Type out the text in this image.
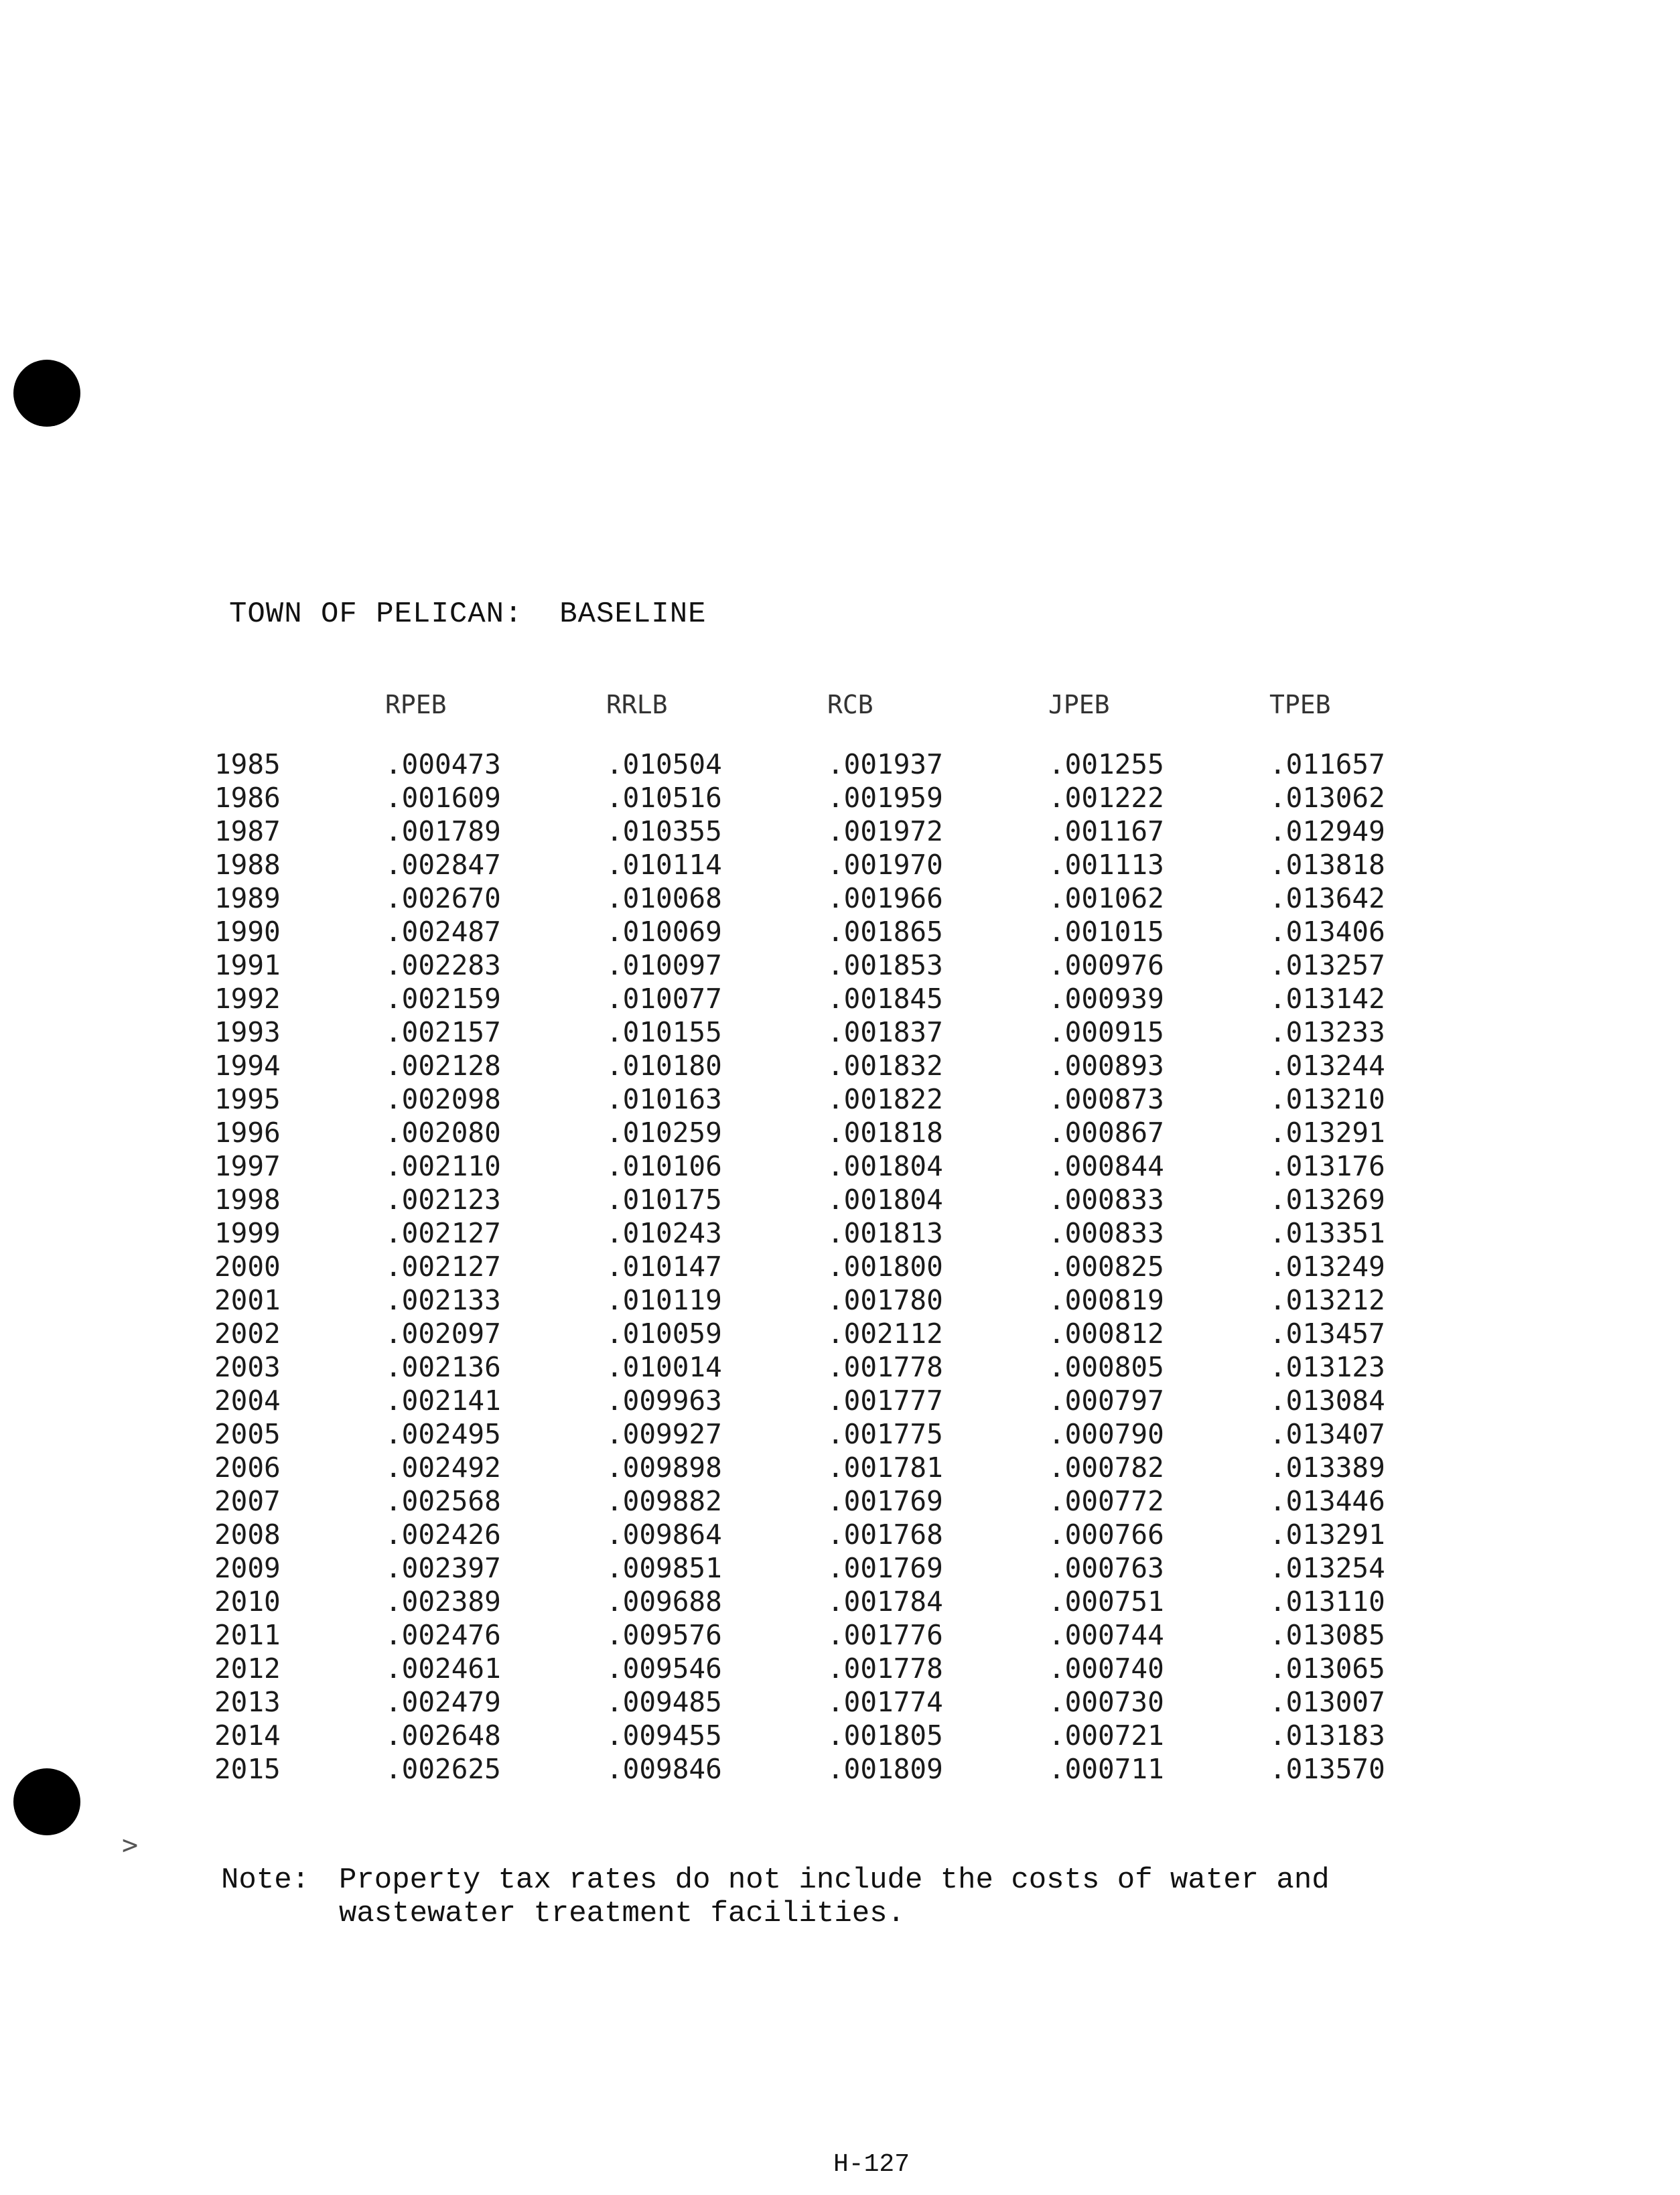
>
TOWN OF PELICAN:  BASELINE
	RPEB	RRLB	RCB	JPEB	TPEB
1985	.000473	.010504	.001937	.001255	.011657
1986	.001609	.010516	.001959	.001222	.013062
1987	.001789	.010355	.001972	.001167	.012949
1988	.002847	.010114	.001970	.001113	.013818
1989	.002670	.010068	.001966	.001062	.013642
1990	.002487	.010069	.001865	.001015	.013406
1991	.002283	.010097	.001853	.000976	.013257
1992	.002159	.010077	.001845	.000939	.013142
1993	.002157	.010155	.001837	.000915	.013233
1994	.002128	.010180	.001832	.000893	.013244
1995	.002098	.010163	.001822	.000873	.013210
1996	.002080	.010259	.001818	.000867	.013291
1997	.002110	.010106	.001804	.000844	.013176
1998	.002123	.010175	.001804	.000833	.013269
1999	.002127	.010243	.001813	.000833	.013351
2000	.002127	.010147	.001800	.000825	.013249
2001	.002133	.010119	.001780	.000819	.013212
2002	.002097	.010059	.002112	.000812	.013457
2003	.002136	.010014	.001778	.000805	.013123
2004	.002141	.009963	.001777	.000797	.013084
2005	.002495	.009927	.001775	.000790	.013407
2006	.002492	.009898	.001781	.000782	.013389
2007	.002568	.009882	.001769	.000772	.013446
2008	.002426	.009864	.001768	.000766	.013291
2009	.002397	.009851	.001769	.000763	.013254
2010	.002389	.009688	.001784	.000751	.013110
2011	.002476	.009576	.001776	.000744	.013085
2012	.002461	.009546	.001778	.000740	.013065
2013	.002479	.009485	.001774	.000730	.013007
2014	.002648	.009455	.001805	.000721	.013183
2015	.002625	.009846	.001809	.000711	.013570
Note: Property tax rates do not include the costs of water and wastewater treatment facilities.
H-127
